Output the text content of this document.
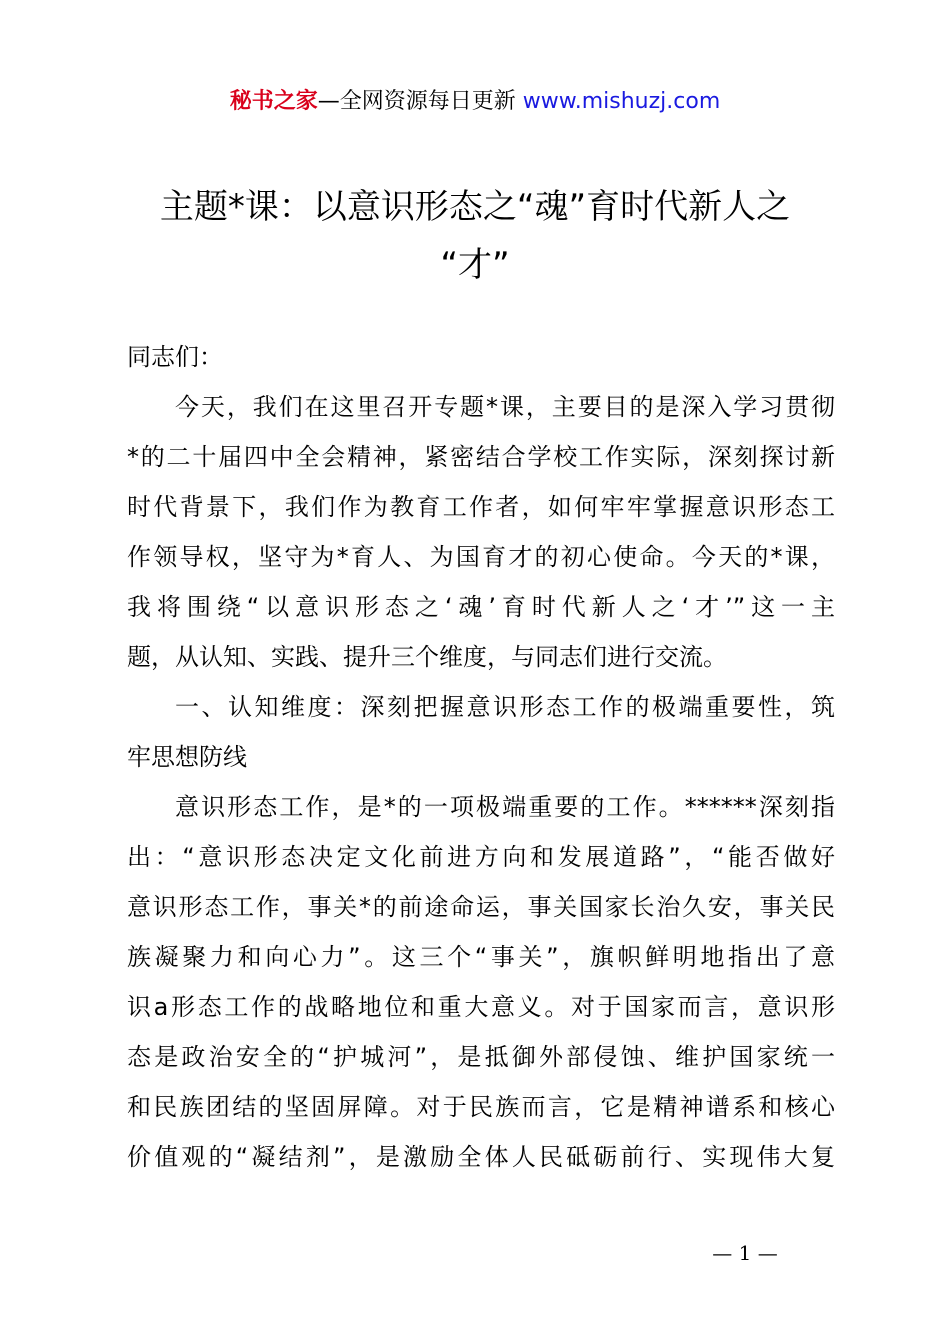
秘书之家—全网资源每日更新 www.mishuzj.com
主题*课：以意识形态之“魂”育时代新人之
“才”

同志们：

今天，我们在这里召开专题*课，主要目的是深入学习贯彻

*的二十届四中全会精神，紧密结合学校工作实际，深刻探讨新

时代背景下，我们作为教育工作者，如何牢牢掌握意识形态工

作领导权，坚守为*育人、为国育才的初心使命。今天的*课，

我将围绕“以意识形态之‘魂’育时代新人之‘才’”这一主

题，从认知、实践、提升三个维度，与同志们进行交流。

一、认知维度：深刻把握意识形态工作的极端重要性，筑

牢思想防线

意识形态工作，是*的一项极端重要的工作。******深刻指

出：“意识形态决定文化前进方向和发展道路”，“能否做好

意识形态工作，事关*的前途命运，事关国家长治久安，事关民

族凝聚力和向心力”。这三个“事关”，旗帜鲜明地指出了意

识a形态工作的战略地位和重大意义。对于国家而言，意识形

态是政治安全的“护城河”，是抵御外部侵蚀、维护国家统一

和民族团结的坚固屏障。对于民族而言，它是精神谱系和核心

价值观的“凝结剂”，是激励全体人民砥砺前行、实现伟大复

— 1 —
